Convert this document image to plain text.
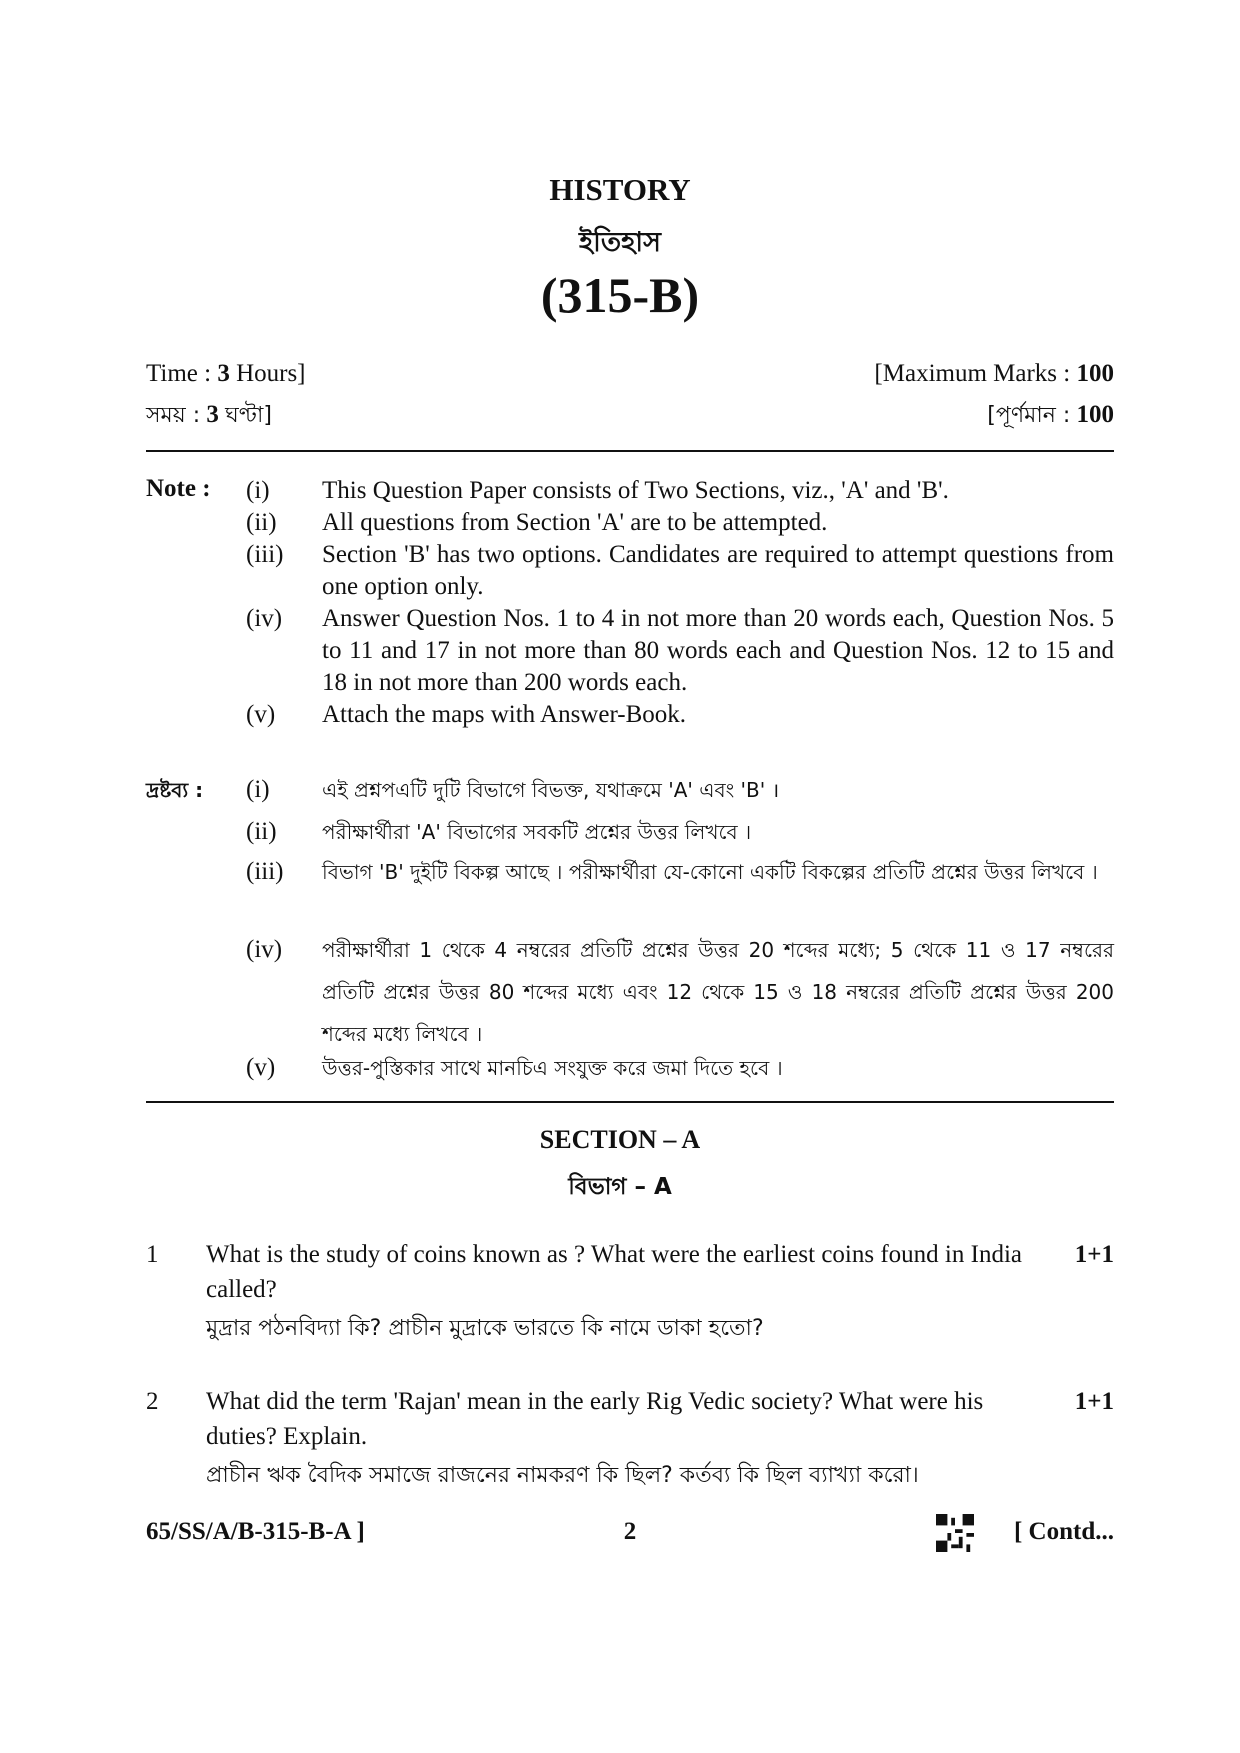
HISTORY
ইতিহাস
(315-B)
Time : 3 Hours]	[Maximum Marks : 100
সময় : 3 ঘণ্টা]	[পূর্ণমান : 100
Note : (i)	This Question Paper consists of Two Sections, viz., 'A' and 'B'.
(ii)	All questions from Section 'A' are to be attempted.
(iii)	Section 'B' has two options. Candidates are required to attempt questions from one option only.
(iv)	Answer Question Nos. 1 to 4 in not more than 20 words each, Question Nos. 5 to 11 and 17 in not more than 80 words each and Question Nos. 12 to 15 and 18 in not more than 200 words each.
(v)	Attach the maps with Answer-Book.
দ্রষ্টব্য : (i)	এই প্রশ্নপএটি দুটি বিভাগে বিভক্ত, যথাক্রমে 'A' এবং 'B' ।
(ii)	পরীক্ষার্থীরা 'A' বিভাগের সবকটি প্রশ্নের উত্তর লিখবে ।
(iii)	বিভাগ 'B' দুইটি বিকল্প আছে । পরীক্ষার্থীরা যে-কোনো একটি বিকল্পের প্রতিটি প্রশ্নের উত্তর লিখবে ।
(iv)	পরীক্ষার্থীরা 1 থেকে 4 নম্বরের প্রতিটি প্রশ্নের উত্তর 20 শব্দের মধ্যে; 5 থেকে 11 ও 17 নম্বরের প্রতিটি প্রশ্নের উত্তর 80 শব্দের মধ্যে এবং 12 থেকে 15 ও 18 নম্বরের প্রতিটি প্রশ্নের উত্তর 200 শব্দের মধ্যে লিখবে ।
(v)	উত্তর-পুস্তিকার সাথে মানচিএ সংযুক্ত করে জমা দিতে হবে ।
SECTION – A
বিভাগ – A
1 What is the study of coins known as ? What were the earliest coins found in India called?
মুদ্রার পঠনবিদ্যা কি? প্রাচীন মুদ্রাকে ভারতে কি নামে ডাকা হতো?
1+1
2 What did the term 'Rajan' mean in the early Rig Vedic society? What were his duties? Explain.
প্রাচীন ঋক বৈদিক সমাজে রাজনের নামকরণ কি ছিল? কর্তব্য কি ছিল ব্যাখ্যা করো।
1+1
65/SS/A/B-315-B-A ]	2	[ Contd...
